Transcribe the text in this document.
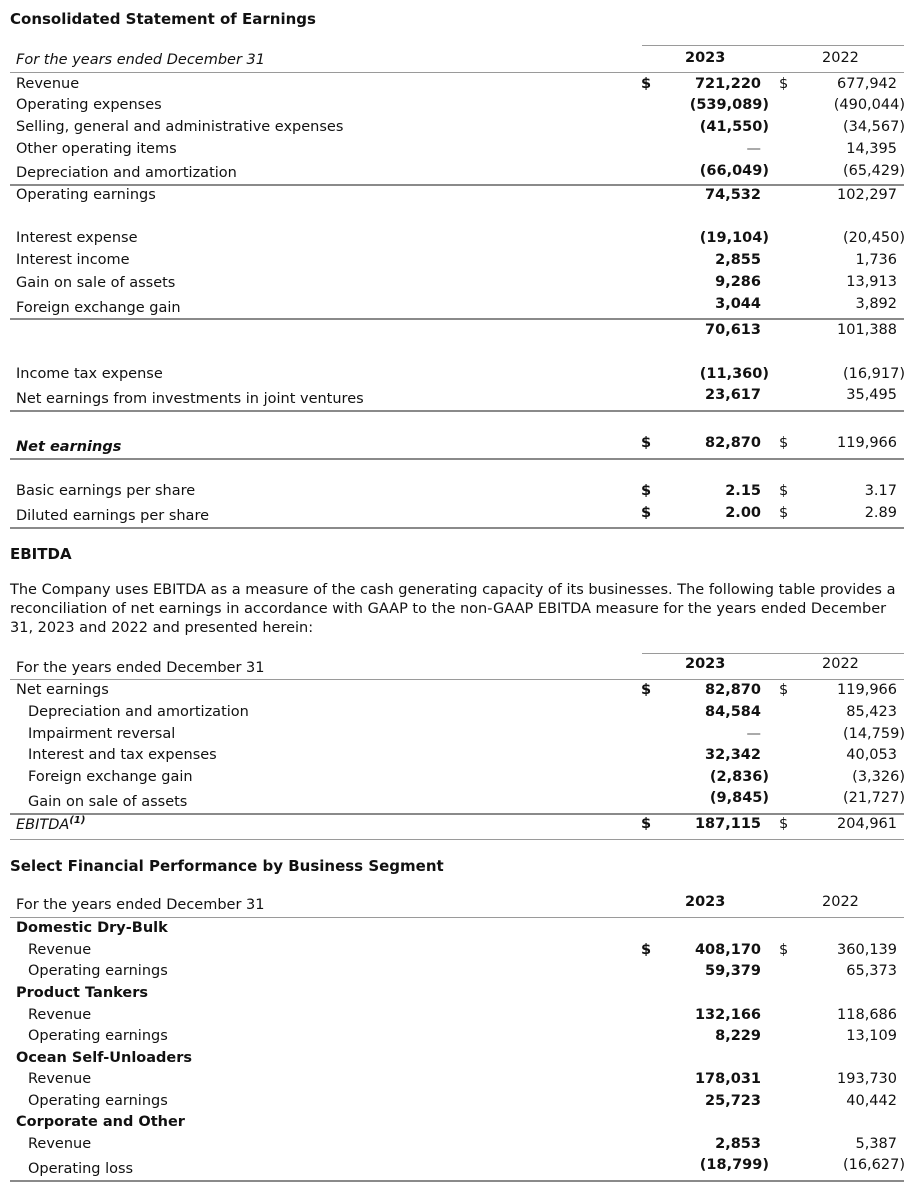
Consolidated Statement of Earnings
For the years ended December 31	2023	2022
Revenue	$	721,220 $	677,942
Operating expenses	(539,089)	(490,044)
Selling, general and administrative expenses	(41,550)	(34,567)
Other operating items	—	14,395
Depreciation and amortization	(66,049)	(65,429)
Operating earnings	74,532	102,297
Interest expense	(19,104)	(20,450)
Interest income	2,855	1,736
Gain on sale of assets	9,286	13,913
Foreign exchange gain	3,044	3,892
70,613	101,388
Income tax expense	(11,360)	(16,917)
Net earnings from investments in joint ventures	23,617	35,495
Net earnings	$	82,870 $	119,966
Basic earnings per share	$	2.15 $	3.17
Diluted earnings per share	$	2.00 $	2.89
EBITDA
The Company uses EBITDA as a measure of the cash generating capacity of its businesses. The following table provides a reconciliation of net earnings in accordance with GAAP to the non-GAAP EBITDA measure for the years ended December 31, 2023 and 2022 and presented herein:
For the years ended December 31	2023	2022
Net earnings	$	82,870 $	119,966
Depreciation and amortization	84,584	85,423
Impairment reversal	—	(14,759)
Interest and tax expenses	32,342	40,053
Foreign exchange gain	(2,836)	(3,326)
Gain on sale of assets	(9,845)	(21,727)
EBITDA$^{(1)}$	$	187,115 $	204,961
Select Financial Performance by Business Segment
For the years ended December 31	2023	2022
Domestic Dry-Bulk
Revenue	$	408,170 $	360,139
Operating earnings	59,379	65,373
Product Tankers
Revenue	132,166	118,686
Operating earnings	8,229	13,109
Ocean Self-Unloaders
Revenue	178,031	193,730
Operating earnings	25,723	40,442
Corporate and Other
Revenue	2,853	5,387
Operating loss	(18,799)	(16,627)
